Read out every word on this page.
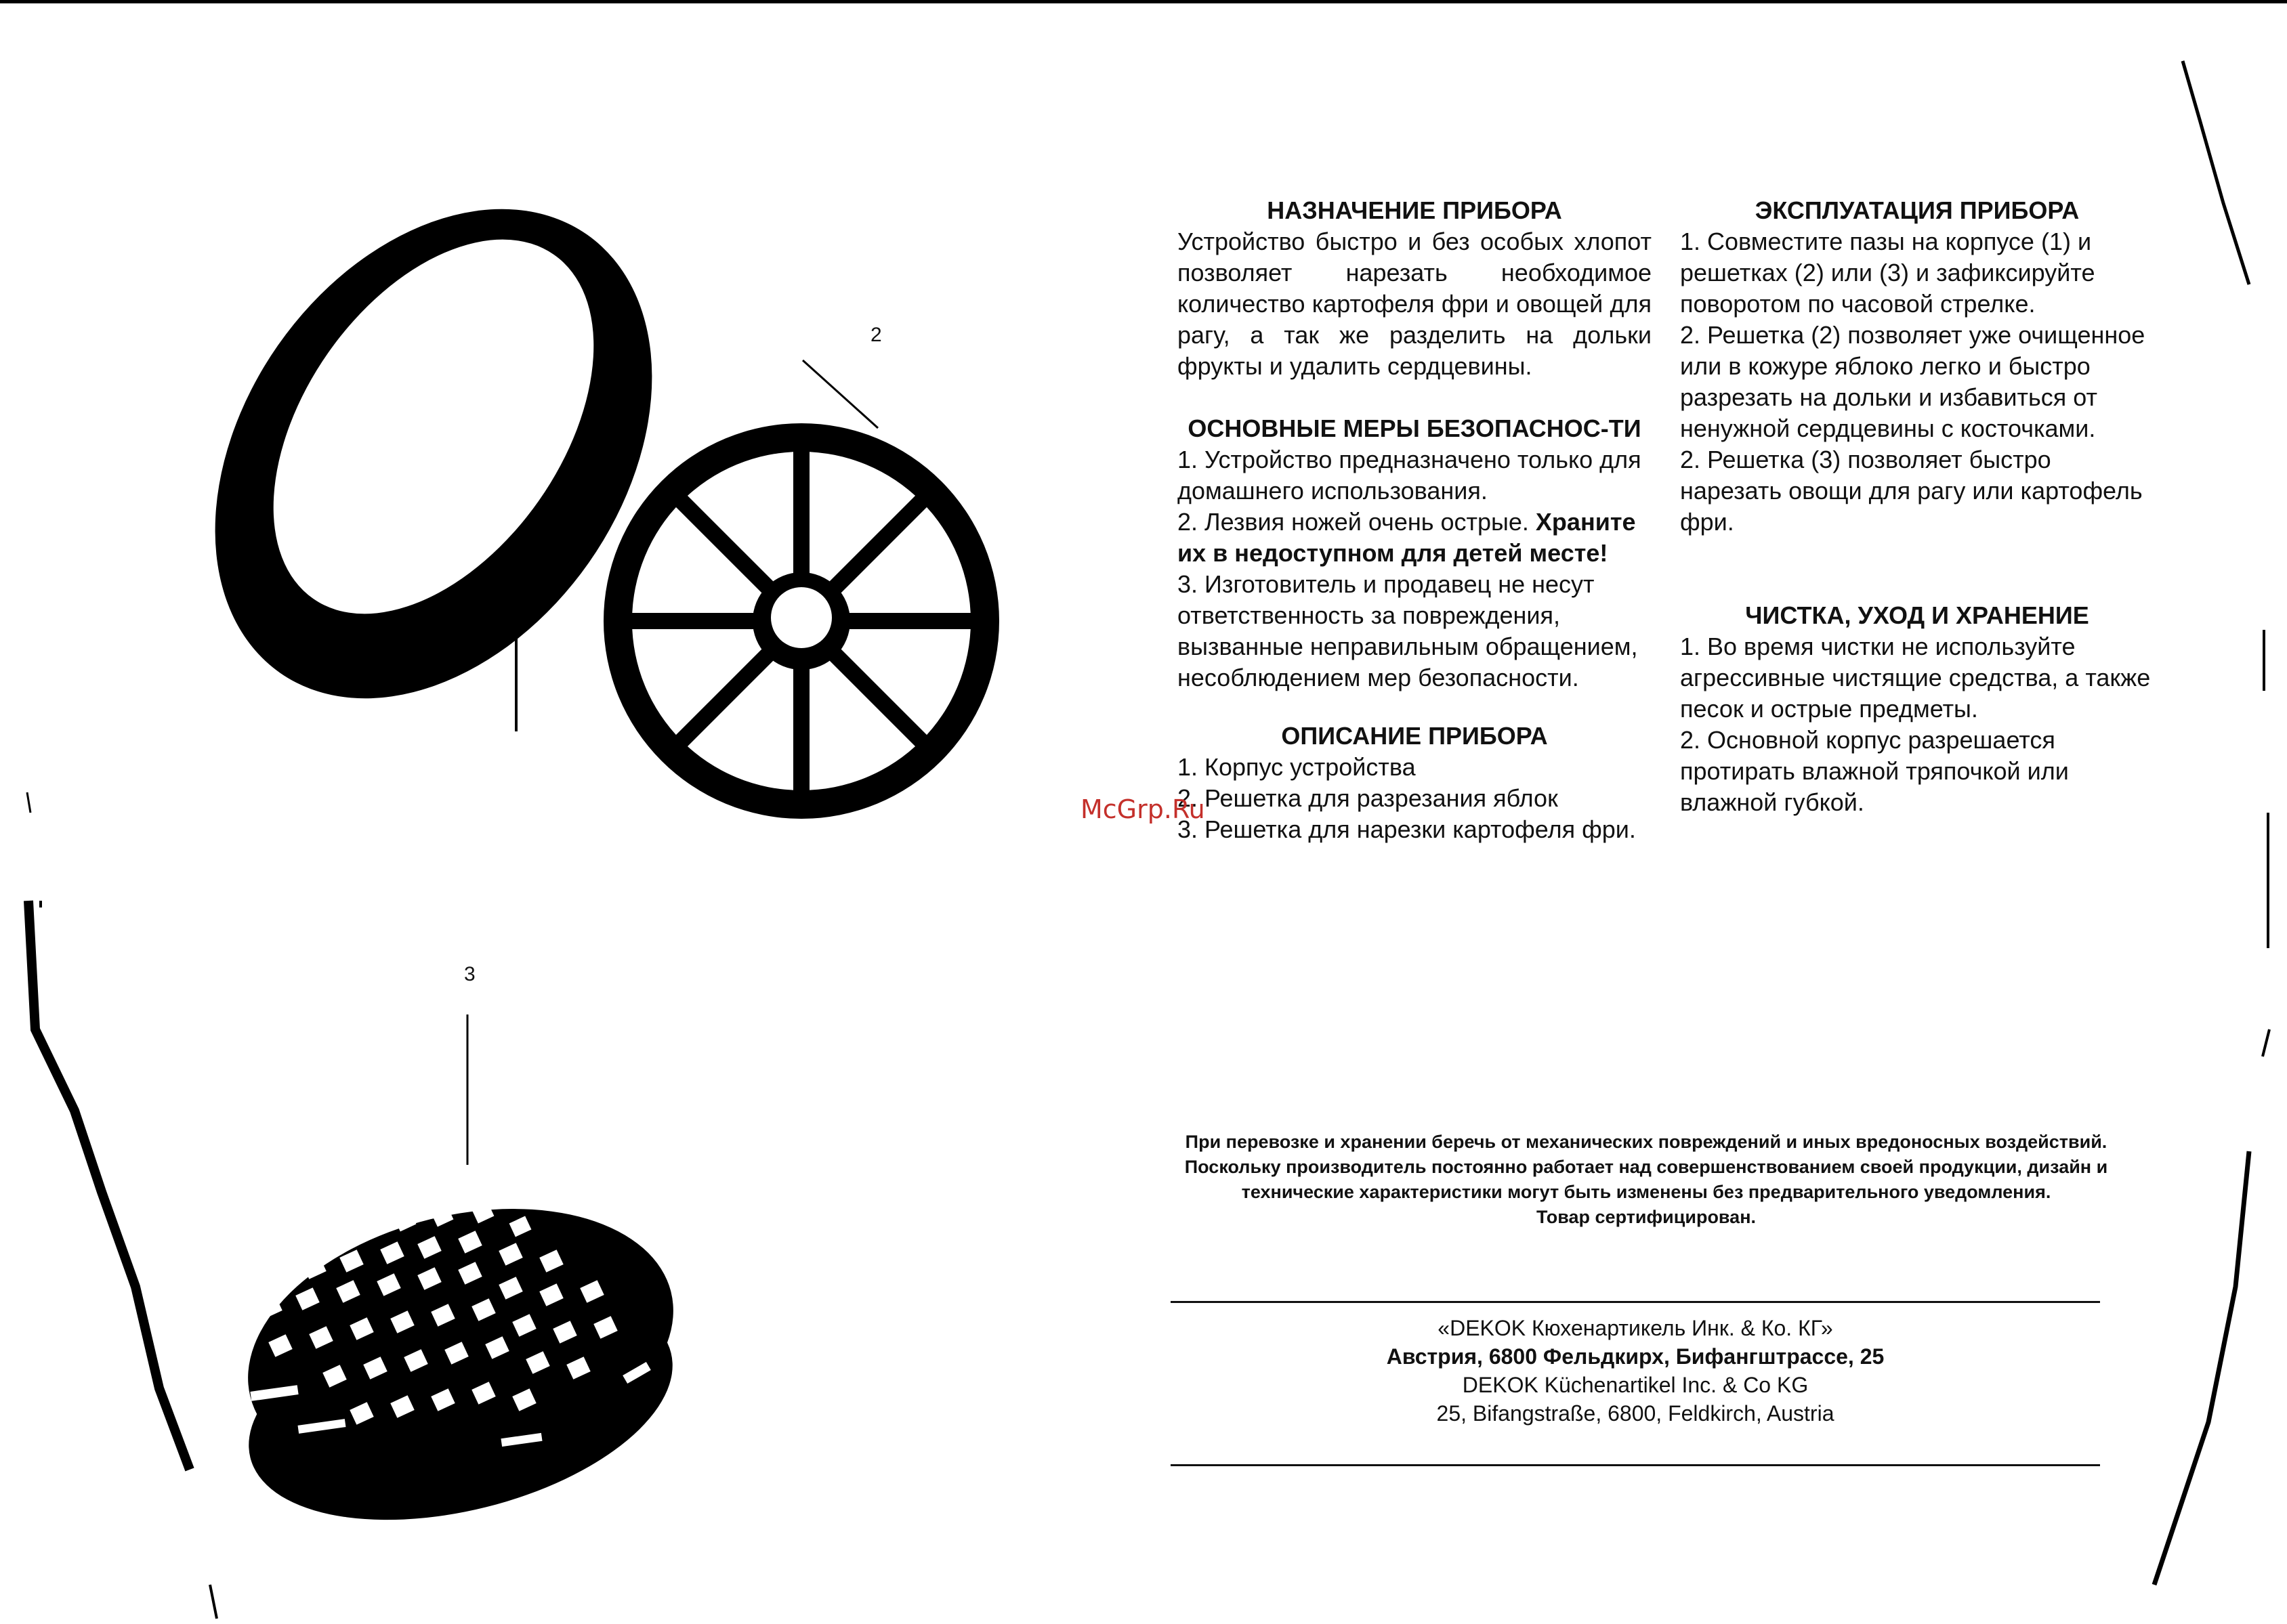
2
3
НАЗНАЧЕНИЕ ПРИБОРА

Устройство быстро и без особых хлопот позволяет нарезать необходимое количество картофеля фри и овощей для рагу, а так же разделить на дольки фрукты и удалить сердцевины.

ОСНОВНЫЕ МЕРЫ БЕЗОПАСНОС-ТИ

1. Устройство предназначено только для домашнего использования.

2. Лезвия ножей очень острые. Храните их в недоступном для детей месте!

3. Изготовитель и продавец не несут ответственность за повреждения, вызванные неправильным обращением, несоблюдением мер безопасности.

ОПИСАНИЕ ПРИБОРА

1. Корпус устройства

2. Решетка для разрезания яблок

3. Решетка для нарезки картофеля фри.

ЭКСПЛУАТАЦИЯ ПРИБОРА

1. Совместите пазы на корпусе (1) и решетках (2) или (3) и зафиксируйте поворотом по часовой стрелке.

2. Решетка (2) позволяет уже очищенное или в кожуре яблоко легко и быстро разрезать на дольки и избавиться от ненужной сердцевины с косточками.

2. Решетка (3) позволяет быстро нарезать овощи для рагу или картофель фри.

ЧИСТКА, УХОД И ХРАНЕНИЕ

1. Во время чистки не используйте агрессивные чистящие средства, а также песок и острые предметы.

2. Основной корпус разрешается протирать влажной тряпочкой или влажной губкой.

McGrp.Ru
При перевозке и хранении беречь от механических повреждений и иных вредоносных воздействий.
Поскольку производитель постоянно работает над совершенствованием своей продукции, дизайн и технические характеристики могут быть изменены без предварительного уведомления.
Товар сертифицирован.
«DEKOK Кюхенартикель Инк. & Ко. КГ»
Австрия, 6800 Фельдкирх, Бифангштрассе, 25
DEKOK Küchenartikel Inc. & Co KG
25, Bifangstraße, 6800, Feldkirch, Austria
